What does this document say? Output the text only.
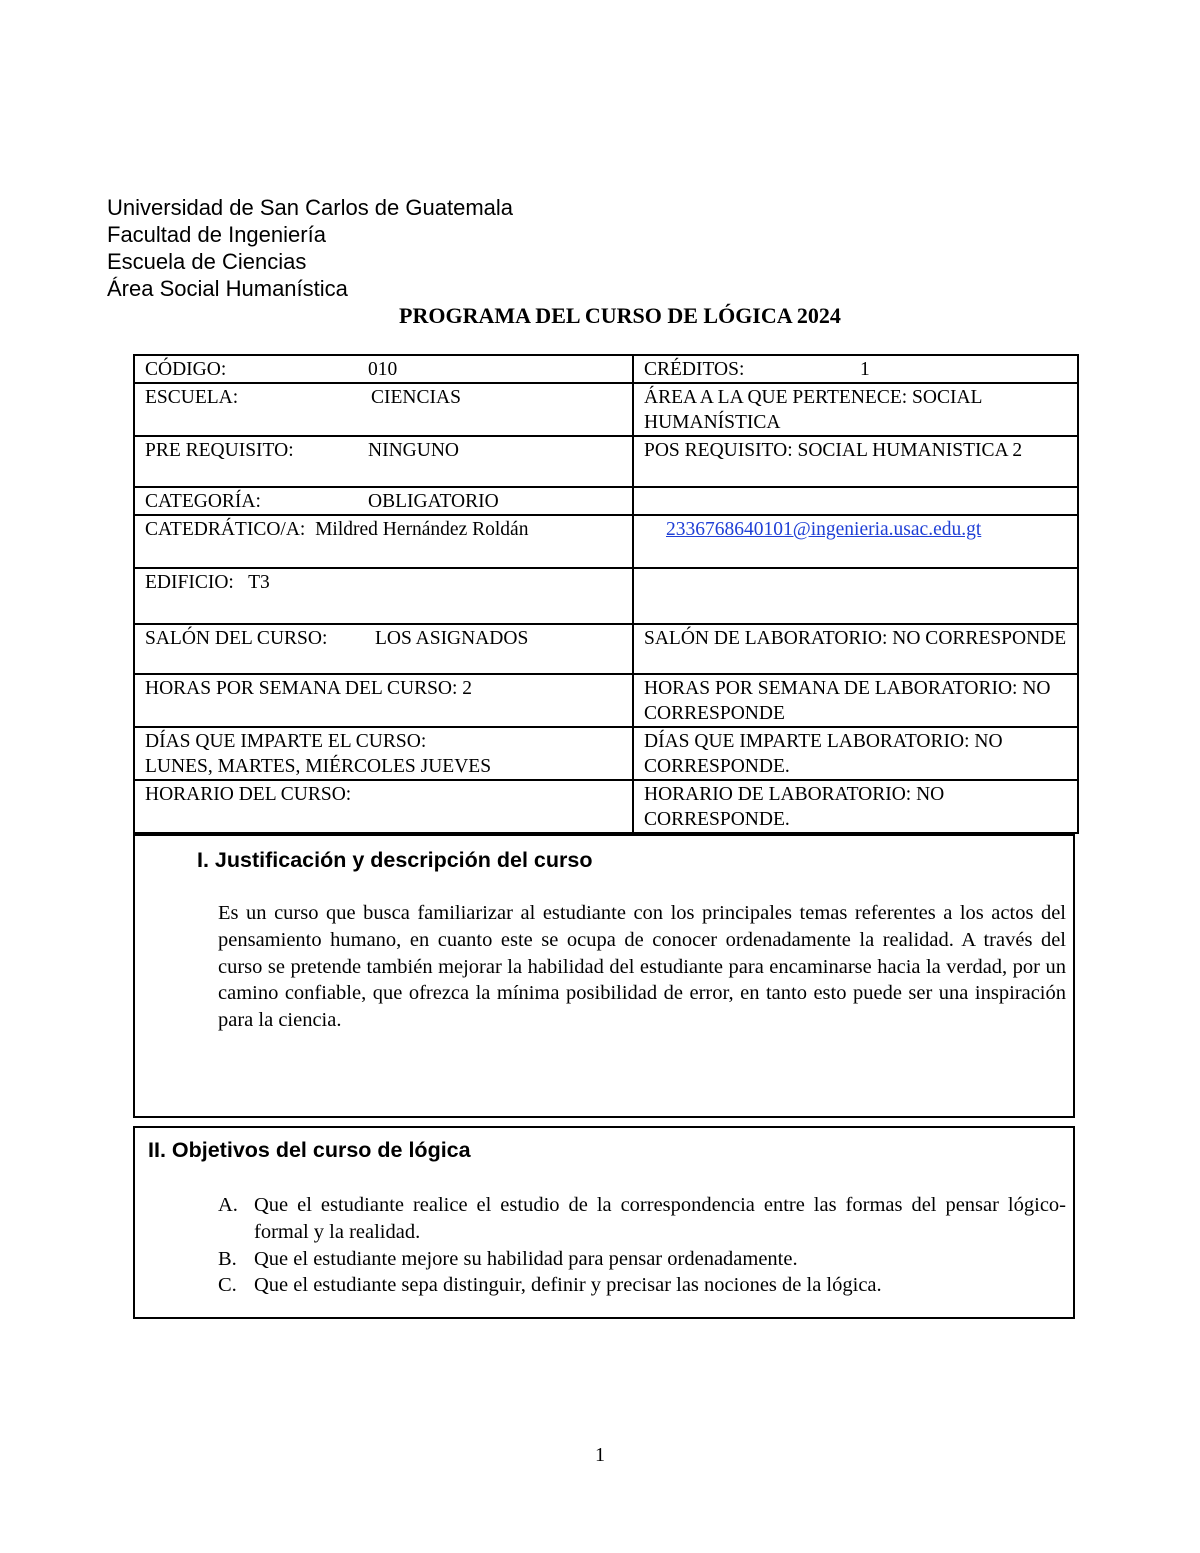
Universidad de San Carlos de Guatemala
Facultad de Ingeniería
Escuela de Ciencias
Área Social Humanística
PROGRAMA DEL CURSO DE LÓGICA 2024
CÓDIGO: 010	CRÉDITOS: 1
ESCUELA: CIENCIAS	ÁREA A LA QUE PERTENECE: SOCIAL HUMANÍSTICA
PRE REQUISITO: NINGUNO	POS REQUISITO: SOCIAL HUMANISTICA 2
CATEGORÍA: OBLIGATORIO	
CATEDRÁTICO/A: Mildred Hernández Roldán	2336768640101@ingenieria.usac.edu.gt
EDIFICIO: T3	
SALÓN DEL CURSO: LOS ASIGNADOS	SALÓN DE LABORATORIO: NO CORRESPONDE
HORAS POR SEMANA DEL CURSO: 2	HORAS POR SEMANA DE LABORATORIO: NO CORRESPONDE

DÍAS QUE IMPARTE EL CURSO:
LUNES, MARTES, MIÉRCOLES JUEVES	DÍAS QUE IMPARTE LABORATORIO: NO CORRESPONDE.
HORARIO DEL CURSO:	HORARIO DE LABORATORIO: NO CORRESPONDE.
I. Justificación y descripción del curso

Es un curso que busca familiarizar al estudiante con los principales temas referentes a los actos del pensamiento humano, en cuanto este se ocupa de conocer ordenadamente la realidad. A través del curso se pretende también mejorar la habilidad del estudiante para encaminarse hacia la verdad, por un camino confiable, que ofrezca la mínima posibilidad de error, en tanto esto puede ser una inspiración para la ciencia.

II. Objetivos del curso de lógica
A. Que el estudiante realice el estudio de la correspondencia entre las formas del pensar lógico-formal y la realidad.
B. Que el estudiante mejore su habilidad para pensar ordenadamente.
C. Que el estudiante sepa distinguir, definir y precisar las nociones de la lógica.
1
